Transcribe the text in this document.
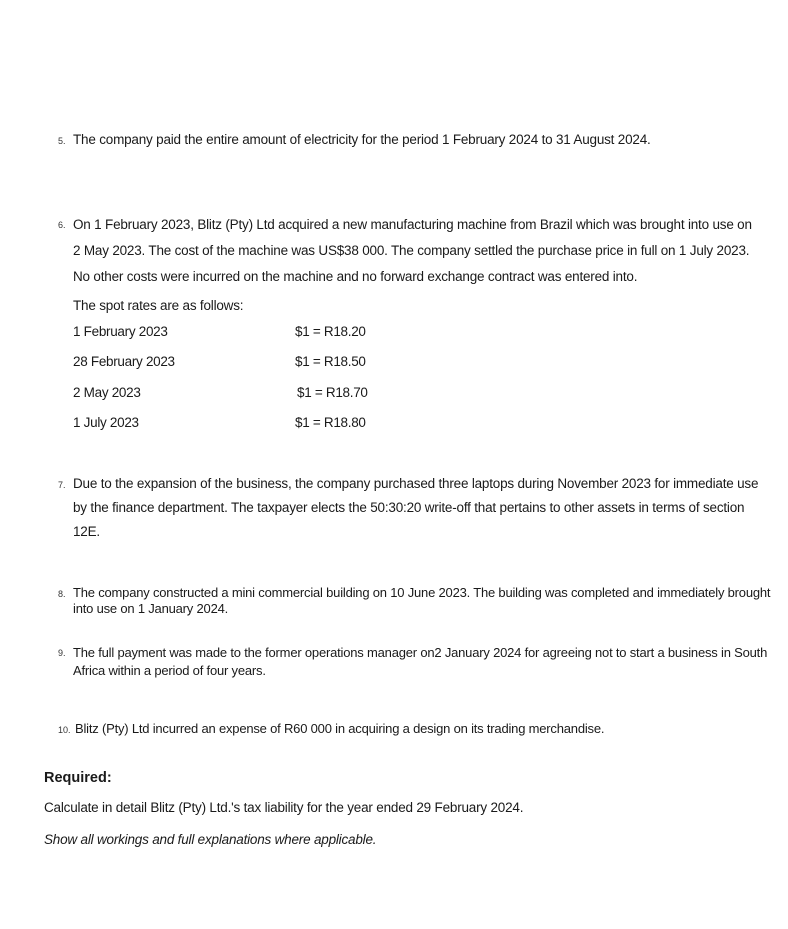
5. The company paid the entire amount of electricity for the period 1 February 2024 to 31 August 2024.

6. On 1 February 2023, Blitz (Pty) Ltd acquired a new manufacturing machine from Brazil which was brought into use on

2 May 2023. The cost of the machine was US$38 000. The company settled the purchase price in full on 1 July 2023.

No other costs were incurred on the machine and no forward exchange contract was entered into.

The spot rates are as follows:

1 February 2023	$1 = R18.20
28 February 2023	$1 = R18.50
2 May 2023	$1 = R18.70
1 July 2023	$1 = R18.80
7. Due to the expansion of the business, the company purchased three laptops during November 2023 for immediate use

by the finance department. The taxpayer elects the 50:30:20 write-off that pertains to other assets in terms of section

12E.

8. The company constructed a mini commercial building on 10 June 2023. The building was completed and immediately brought

into use on 1 January 2024.

9. The full payment was made to the former operations manager on2 January 2024 for agreeing not to start a business in South

Africa within a period of four years.

10. Blitz (Pty) Ltd incurred an expense of R60 000 in acquiring a design on its trading merchandise.

Required:
Calculate in detail Blitz (Pty) Ltd.'s tax liability for the year ended 29 February 2024.
Show all workings and full explanations where applicable.
